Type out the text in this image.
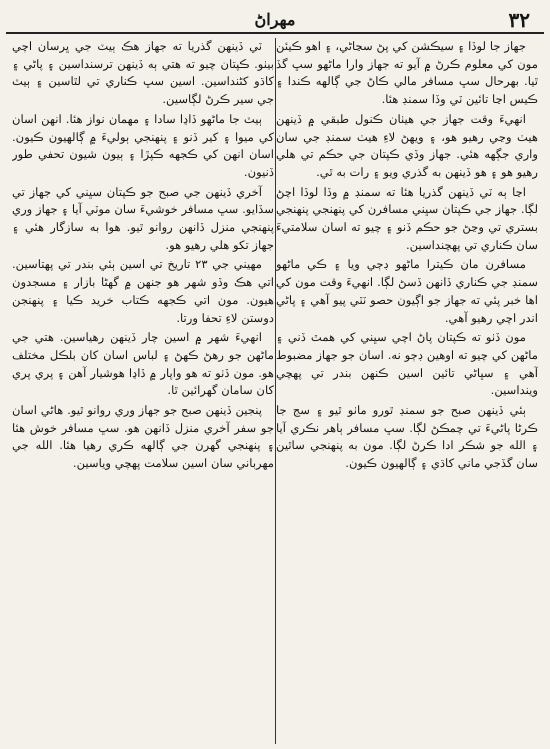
٣٢
مهراڻ

جهاز جا لوڏا ۽ سيڪشن کي پڻ سڃاڻي، ۽ اهو ڪيئن مون کي معلوم ڪرڻ ۾ آيو ته جهاز وارا ماڻهو سڀ گڏ ٿيا. بهرحال سڀ مسافر مالي ڪاڻ جي ڳالهه ڪندا ۽ ڪيس اڃا تائين ٽي وڏا سمنڊ هئا.

انهيءَ وقت جهاز جي هيٺان ڪنول طبقي ۾ ڏينهن هيٺ وڃي رهيو هو، ۽ ويهڻ لاءِ هيٺ سمنڊ جي سان واري جڳهه هئي. جهاز وڏي ڪپتان جي حڪم تي هلي رهيو هو ۽ هو ڏينهن به گذري ويو ۽ رات به ٿي.

اڃا ٻه ٽي ڏينهن گذريا هئا ته سمنڊ ۾ وڏا لوڏا اچڻ لڳا. جهاز جي ڪپتان سڀني مسافرن کي پنهنجي پنهنجي بستري تي وڃڻ جو حڪم ڏنو ۽ چيو ته اسان سلامتيءَ سان ڪناري تي پهچنداسين.

مسافرن مان ڪيترا ماڻهو ڊڄي ويا ۽ ڪي ماڻهو سمنڊ جي ڪناري ڏانهن ڏسڻ لڳا. انهيءَ وقت مون کي اها خبر پئي ته جهاز جو اڳيون حصو ٽٽي پيو آهي ۽ پاڻي اندر اچي رهيو آهي.

مون ڏٺو ته ڪپتان پاڻ اچي سڀني کي همٿ ڏني ۽ ماڻهن کي چيو ته اوهين ڊڄو نه. اسان جو جهاز مضبوط آهي ۽ سڀاڻي تائين اسين ڪنهن بندر تي پهچي وينداسين.

ٻئي ڏينهن صبح جو سمنڊ ٿورو ماٺو ٿيو ۽ سج جا ڪرڻا پاڻيءَ تي چمڪڻ لڳا. سڀ مسافر ٻاهر نڪري آيا ۽ الله جو شڪر ادا ڪرڻ لڳا. مون به پنهنجي ساٿين سان گڏجي ماني کاڌي ۽ ڳالهيون ڪيون.

ٽي ڏينهن گذريا ته جهاز هڪ ٻيٽ جي ڀرسان اچي بيٺو. ڪپتان چيو ته هتي ٻه ڏينهن ترسنداسين ۽ پاڻي ۽ کاڌو کڻنداسين. اسين سڀ ڪناري تي لٿاسين ۽ ٻيٽ جي سير ڪرڻ لڳاسين.

ٻيٽ جا ماڻهو ڏاڍا سادا ۽ مهمان نواز هئا. انهن اسان کي ميوا ۽ کير ڏنو ۽ پنهنجي ٻوليءَ ۾ ڳالهيون ڪيون. اسان انهن کي ڪجهه ڪپڙا ۽ ٻيون شيون تحفي طور ڏنيون.

آخري ڏينهن جي صبح جو ڪپتان سڀني کي جهاز تي سڏايو. سڀ مسافر خوشيءَ سان موٽي آيا ۽ جهاز وري پنهنجي منزل ڏانهن روانو ٿيو. هوا به سازگار هئي ۽ جهاز تکو هلي رهيو هو.

مهيني جي ٢٣ تاريخ تي اسين ٻئي بندر تي پهتاسين. اتي هڪ وڏو شهر هو جنهن ۾ گهڻا بازار ۽ مسجدون هيون. مون اتي ڪجهه ڪتاب خريد ڪيا ۽ پنهنجن دوستن لاءِ تحفا ورتا.

انهيءَ شهر ۾ اسين چار ڏينهن رهياسين. هتي جي ماڻهن جو رهڻ ڪهڻ ۽ لباس اسان کان بلڪل مختلف هو. مون ڏٺو ته هو واپار ۾ ڏاڍا هوشيار آهن ۽ پري پري کان سامان گهرائين ٿا.

پنجين ڏينهن صبح جو جهاز وري روانو ٿيو. هاڻي اسان جو سفر آخري منزل ڏانهن هو. سڀ مسافر خوش هئا ۽ پنهنجي گهرن جي ڳالهه ڪري رهيا هئا. الله جي مهرباني سان اسين سلامت پهچي وياسين.
